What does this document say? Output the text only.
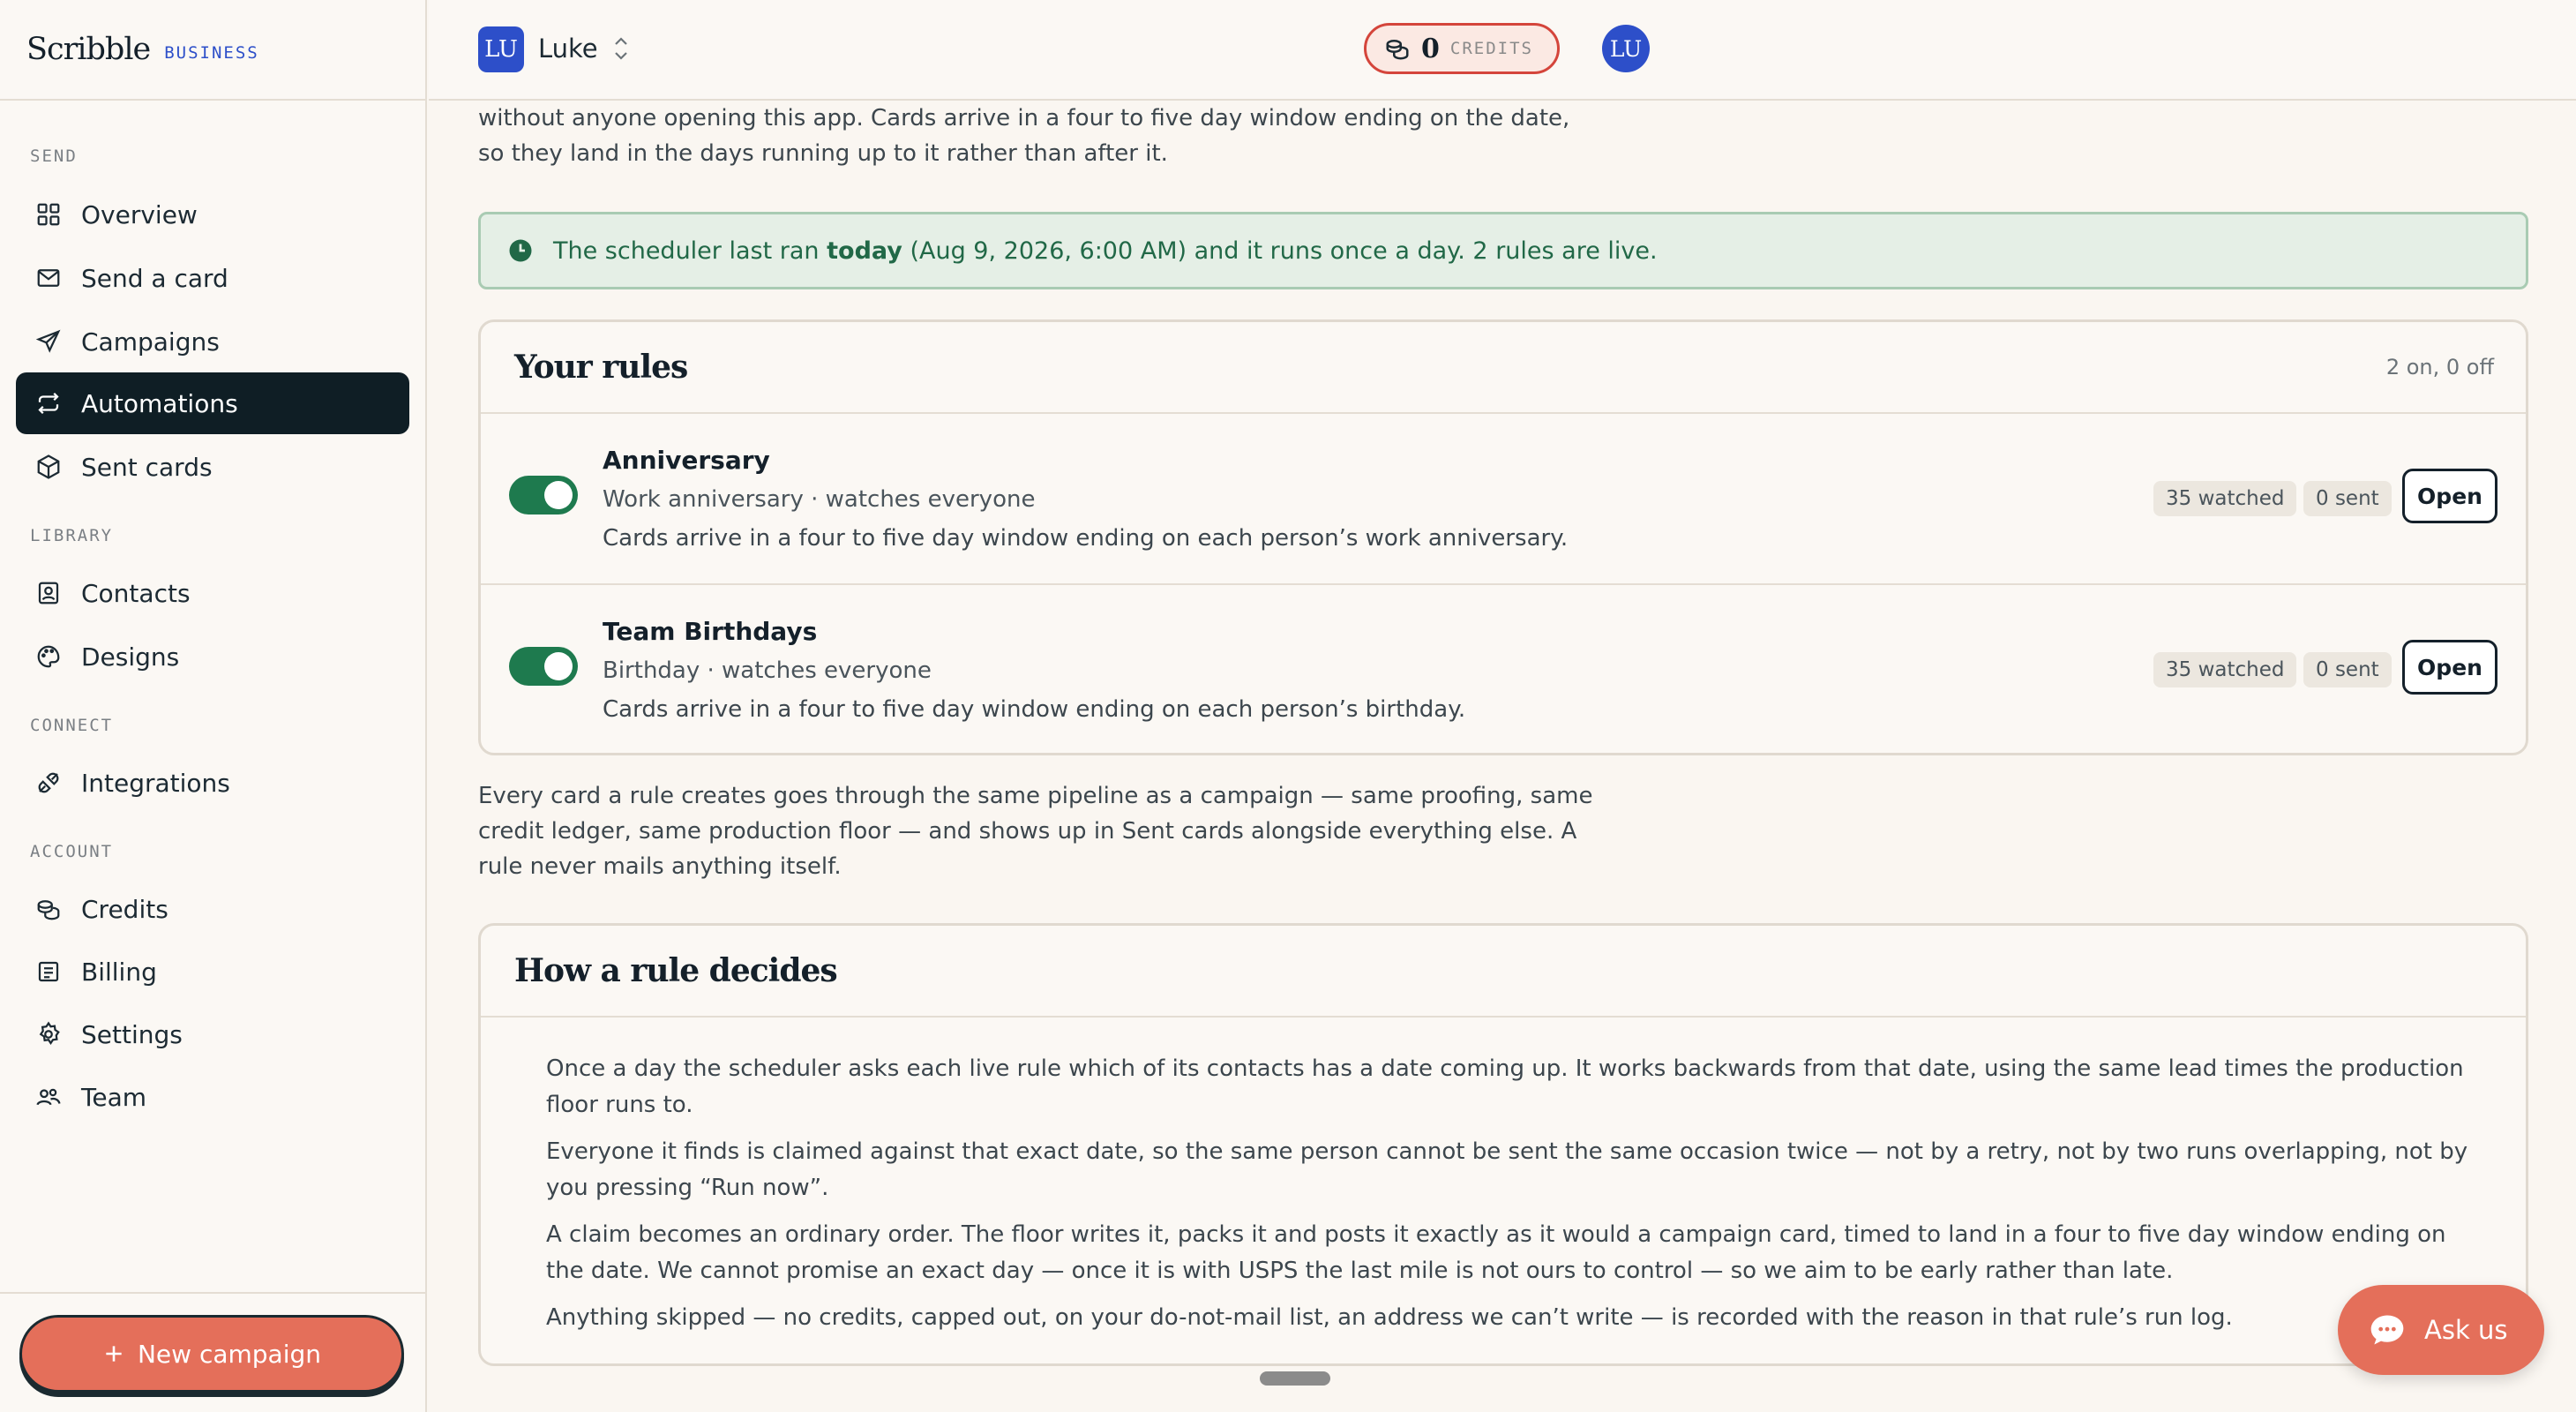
Scribble BUSINESS
SEND
Overview
Send a card
Campaigns
Automations
Sent cards
LIBRARY
Contacts
Designs
CONNECT
Integrations
ACCOUNT
Credits
Billing
Settings
Team
New campaign
LU Luke	0 CREDITS	LU
without anyone opening this app. Cards arrive in a four to five day window ending on the date,
so they land in the days running up to it rather than after it.
The scheduler last ran today (Aug 9, 2026, 6:00 AM) and it runs once a day. 2 rules are live.
Your rules	2 on, 0 off
Anniversary
Work anniversary · watches everyone
Cards arrive in a four to five day window ending on each person’s work anniversary.
35 watched	0 sent	Open
Team Birthdays
Birthday · watches everyone
Cards arrive in a four to five day window ending on each person’s birthday.
35 watched	0 sent	Open
Every card a rule creates goes through the same pipeline as a campaign — same proofing, same credit ledger, same production floor — and shows up in Sent cards alongside everything else. A rule never mails anything itself.
How a rule decides

Once a day the scheduler asks each live rule which of its contacts has a date coming up. It works backwards from that date, using the same lead times the production floor runs to.

Everyone it finds is claimed against that exact date, so the same person cannot be sent the same occasion twice — not by a retry, not by two runs overlapping, not by you pressing “Run now”.

A claim becomes an ordinary order. The floor writes it, packs it and posts it exactly as it would a campaign card, timed to land in a four to five day window ending on the date. We cannot promise an exact day — once it is with USPS the last mile is not ours to control — so we aim to be early rather than late.

Anything skipped — no credits, capped out, on your do-not-mail list, an address we can’t write — is recorded with the reason in that rule’s run log.	Ask us
